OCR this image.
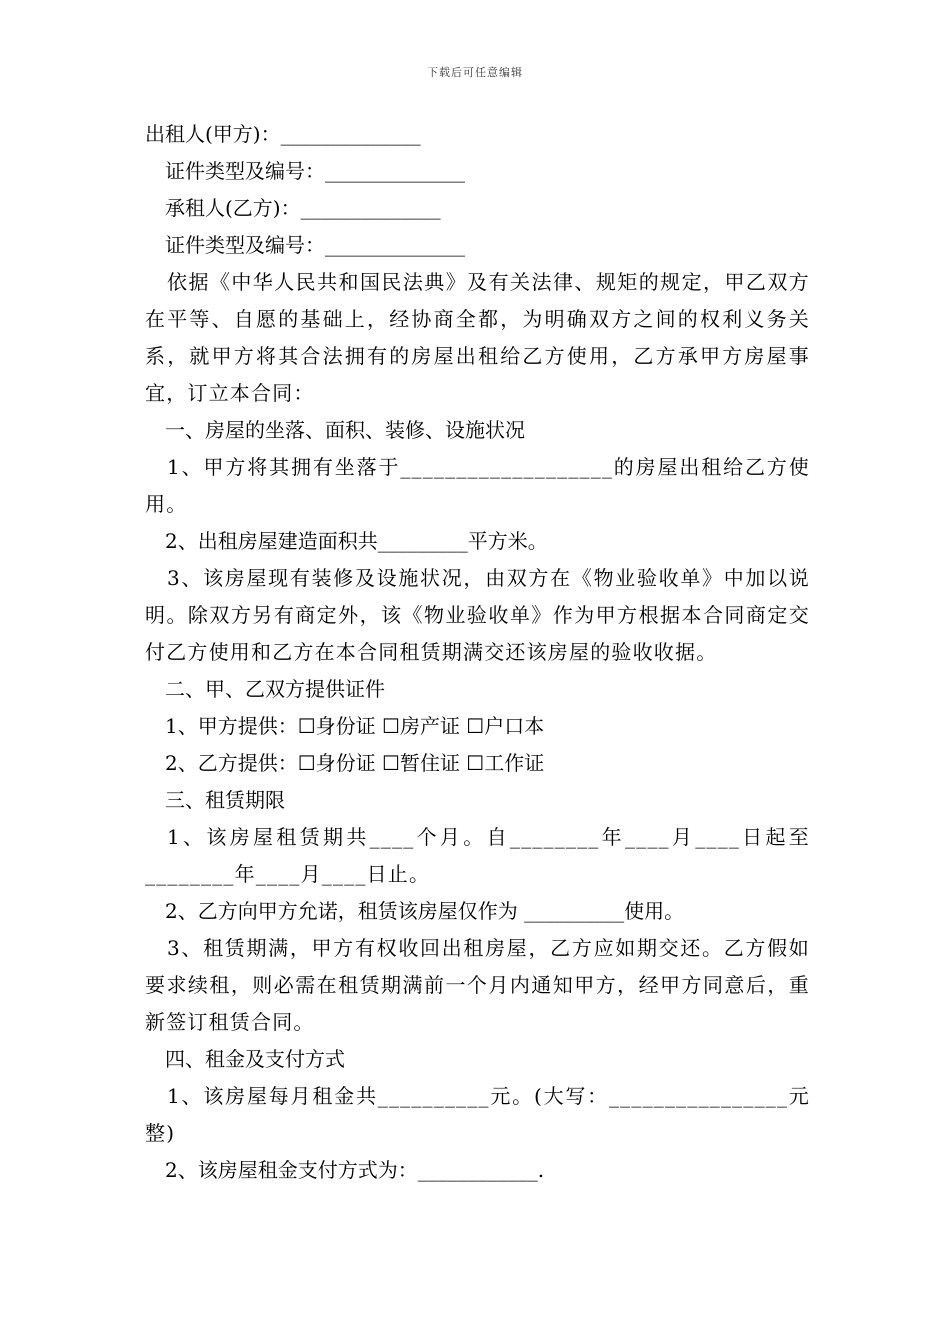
下载后可任意编辑
出租人(甲方)：______________
证件类型及编号：______________
承租人(乙方)：______________
证件类型及编号：______________
依据《中华人民共和国民法典》及有关法律、规矩的规定，甲乙双方在平等、自愿的基础上，经协商全都，为明确双方之间的权利义务关系，就甲方将其合法拥有的房屋出租给乙方使用，乙方承甲方房屋事宜，订立本合同：
一、房屋的坐落、面积、装修、设施状况
1、甲方将其拥有坐落于___________________的房屋出租给乙方使用。
2、出租房屋建造面积共_________平方米。
3、该房屋现有装修及设施状况，由双方在《物业验收单》中加以说明。除双方另有商定外，该《物业验收单》作为甲方根据本合同商定交付乙方使用和乙方在本合同租赁期满交还该房屋的验收收据。
二、甲、乙双方提供证件
1、甲方提供：☐身份证 ☐房产证 ☐户口本
2、乙方提供：☐身份证 ☐暂住证 ☐工作证
三、租赁期限
1、该房屋租赁期共____个月。自________年____月____日起至________年____月____日止。
2、乙方向甲方允诺，租赁该房屋仅作为 __________使用。
3、租赁期满，甲方有权收回出租房屋，乙方应如期交还。乙方假如要求续租，则必需在租赁期满前一个月内通知甲方，经甲方同意后，重新签订租赁合同。
四、租金及支付方式
1、该房屋每月租金共__________元。(大写：________________元整)
2、该房屋租金支付方式为：____________.
